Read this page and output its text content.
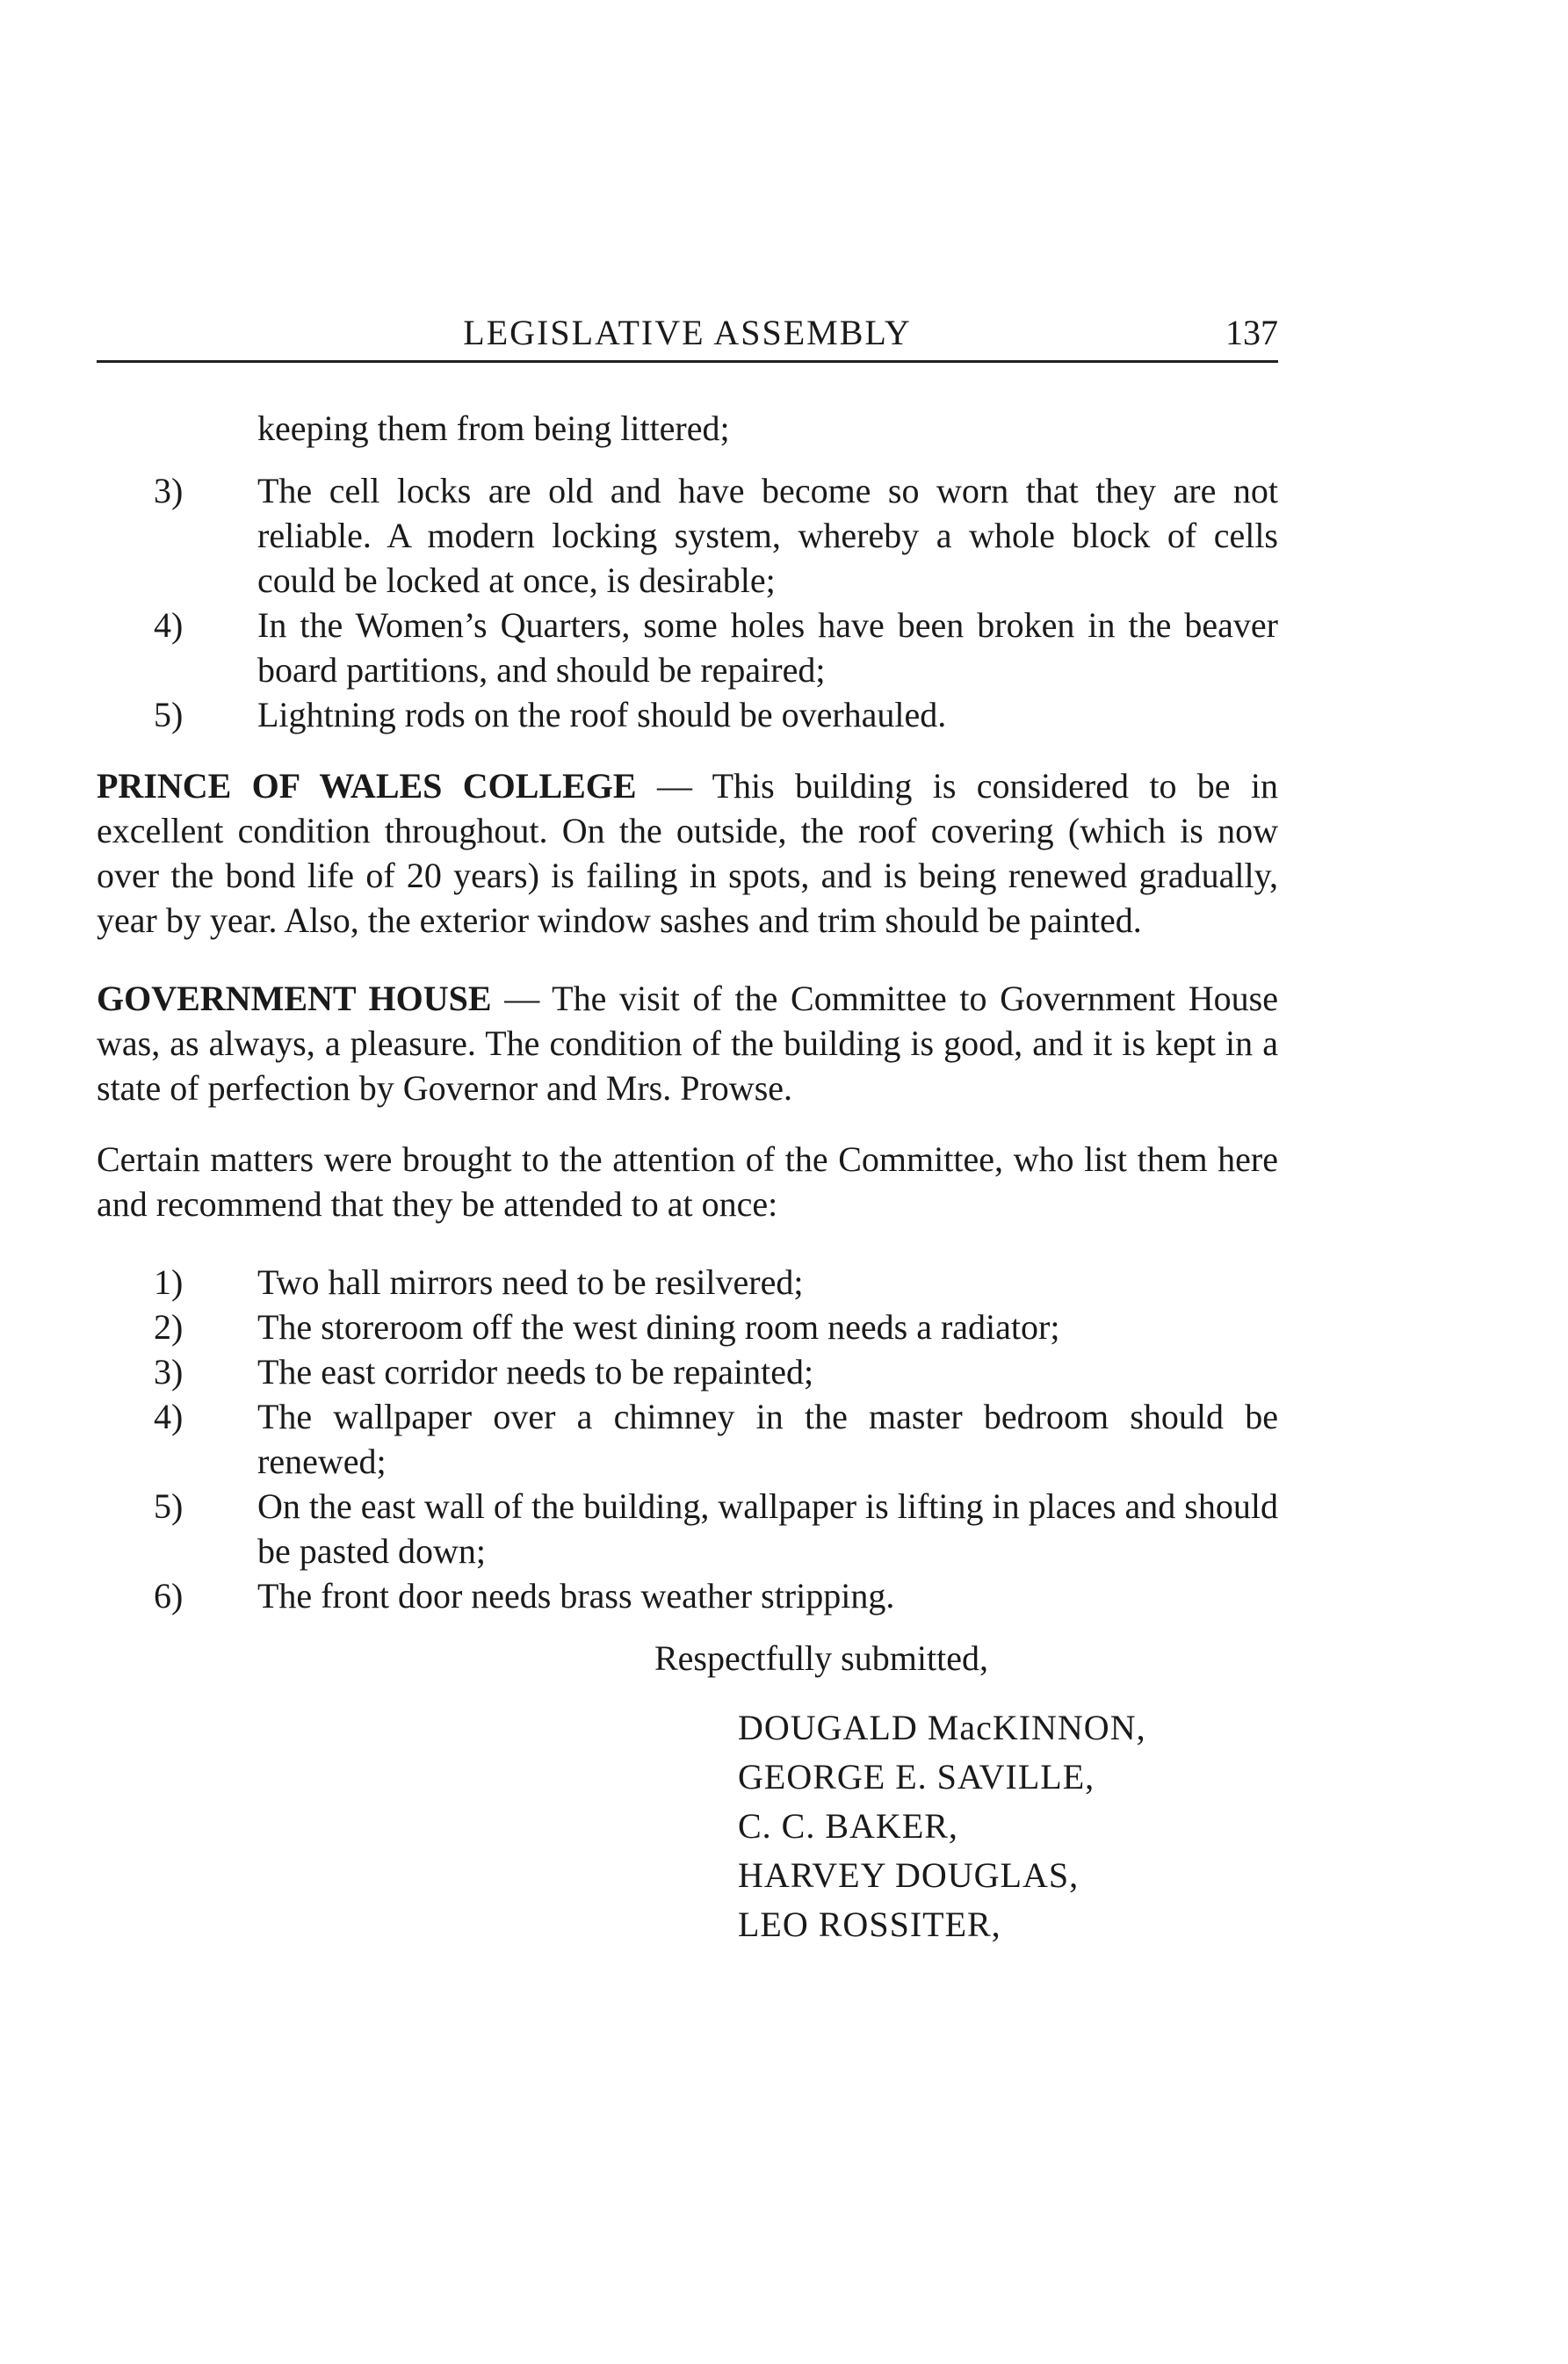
LEGISLATIVE ASSEMBLY	137
keeping them from being littered;
3)	The cell locks are old and have become so worn that they are not reliable. A modern locking system, whereby a whole block of cells could be locked at once, is desirable;
4)	In the Women’s Quarters, some holes have been broken in the beaver board partitions, and should be repaired;
5)	Lightning rods on the roof should be overhauled.

PRINCE OF WALES COLLEGE — This building is considered to be in excellent condition throughout. On the outside, the roof covering (which is now over the bond life of 20 years) is failing in spots, and is being renewed gradually, year by year. Also, the exterior window sashes and trim should be painted.

GOVERNMENT HOUSE — The visit of the Committee to Government House was, as always, a pleasure. The condition of the building is good, and it is kept in a state of perfection by Governor and Mrs. Prowse.

Certain matters were brought to the attention of the Committee, who list them here and recommend that they be attended to at once:

1)	Two hall mirrors need to be resilvered;
2)	The storeroom off the west dining room needs a radiator;
3)	The east corridor needs to be repainted;
4)	The wallpaper over a chimney in the master bedroom should be renewed;
5)	On the east wall of the building, wallpaper is lifting in places and should be pasted down;
6)	The front door needs brass weather stripping.
Respectfully submitted,
DOUGALD MacKINNON,
GEORGE E. SAVILLE,
C. C. BAKER,
HARVEY DOUGLAS,
LEO ROSSITER,
